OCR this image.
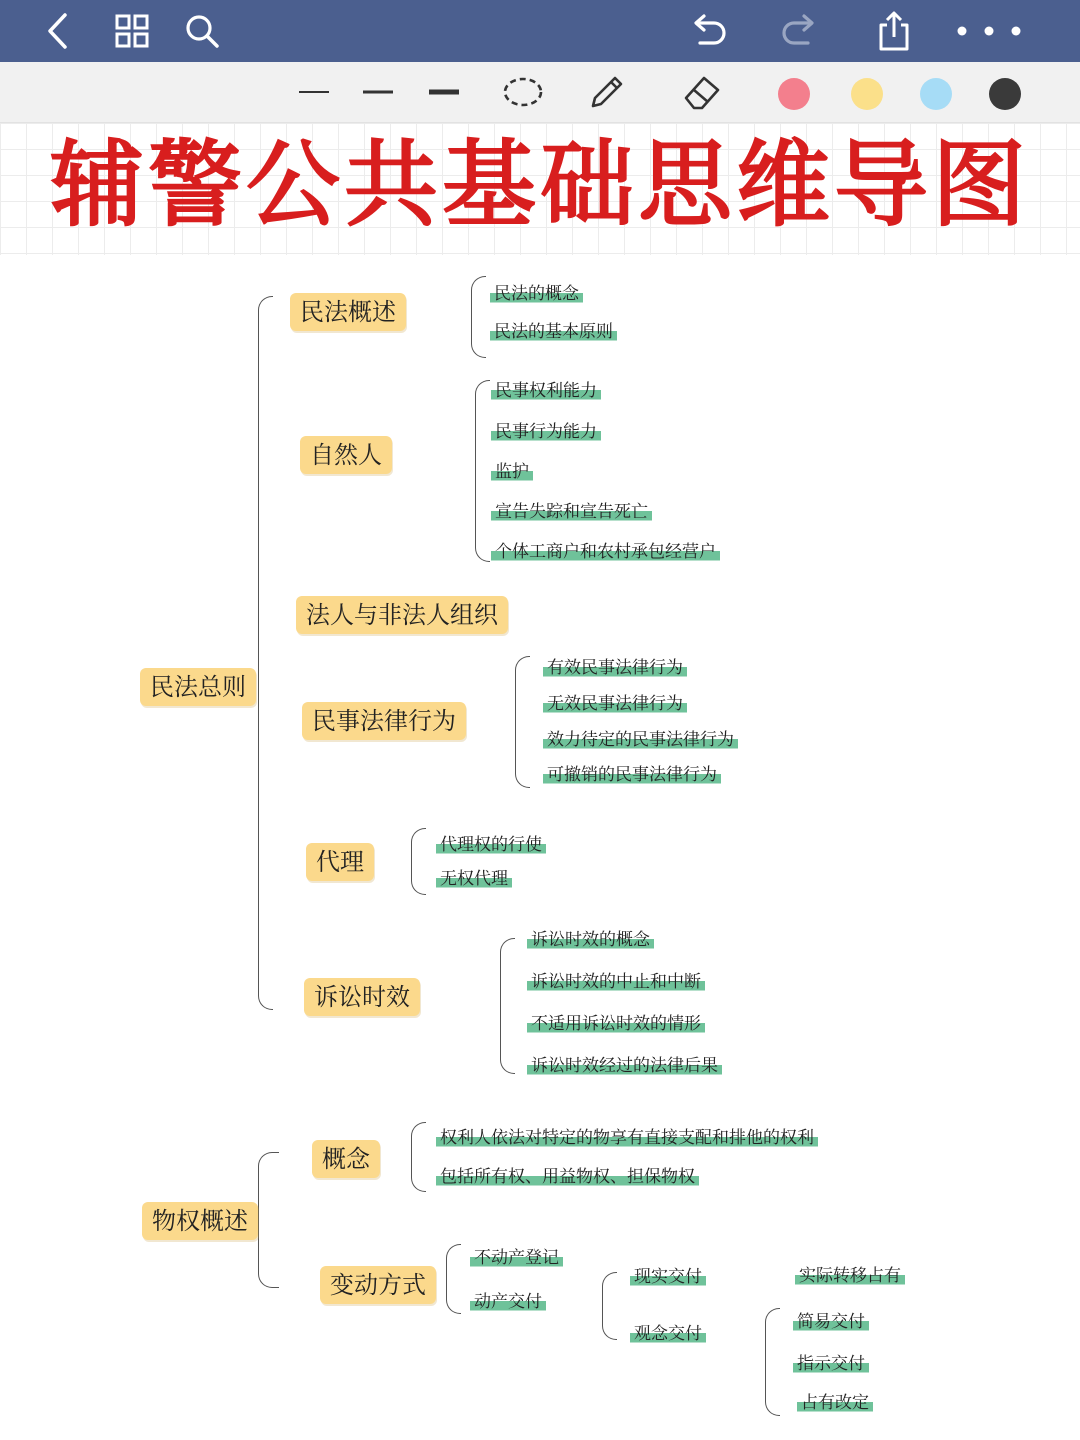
辅警公共基础思维导图
民法总则
民法概述
民法的概念
民法的基本原则
自然人
民事权利能力
民事行为能力
监护
宣告失踪和宣告死亡
个体工商户和农村承包经营户
法人与非法人组织
民事法律行为
有效民事法律行为
无效民事法律行为
效力待定的民事法律行为
可撤销的民事法律行为
代理
代理权的行使
无权代理
诉讼时效
诉讼时效的概念
诉讼时效的中止和中断
不适用诉讼时效的情形
诉讼时效经过的法律后果
物权概述
概念
权利人依法对特定的物享有直接支配和排他的权利
包括所有权、用益物权、担保物权
变动方式
不动产登记
动产交付
现实交付
观念交付
实际转移占有
简易交付
指示交付
占有改定
